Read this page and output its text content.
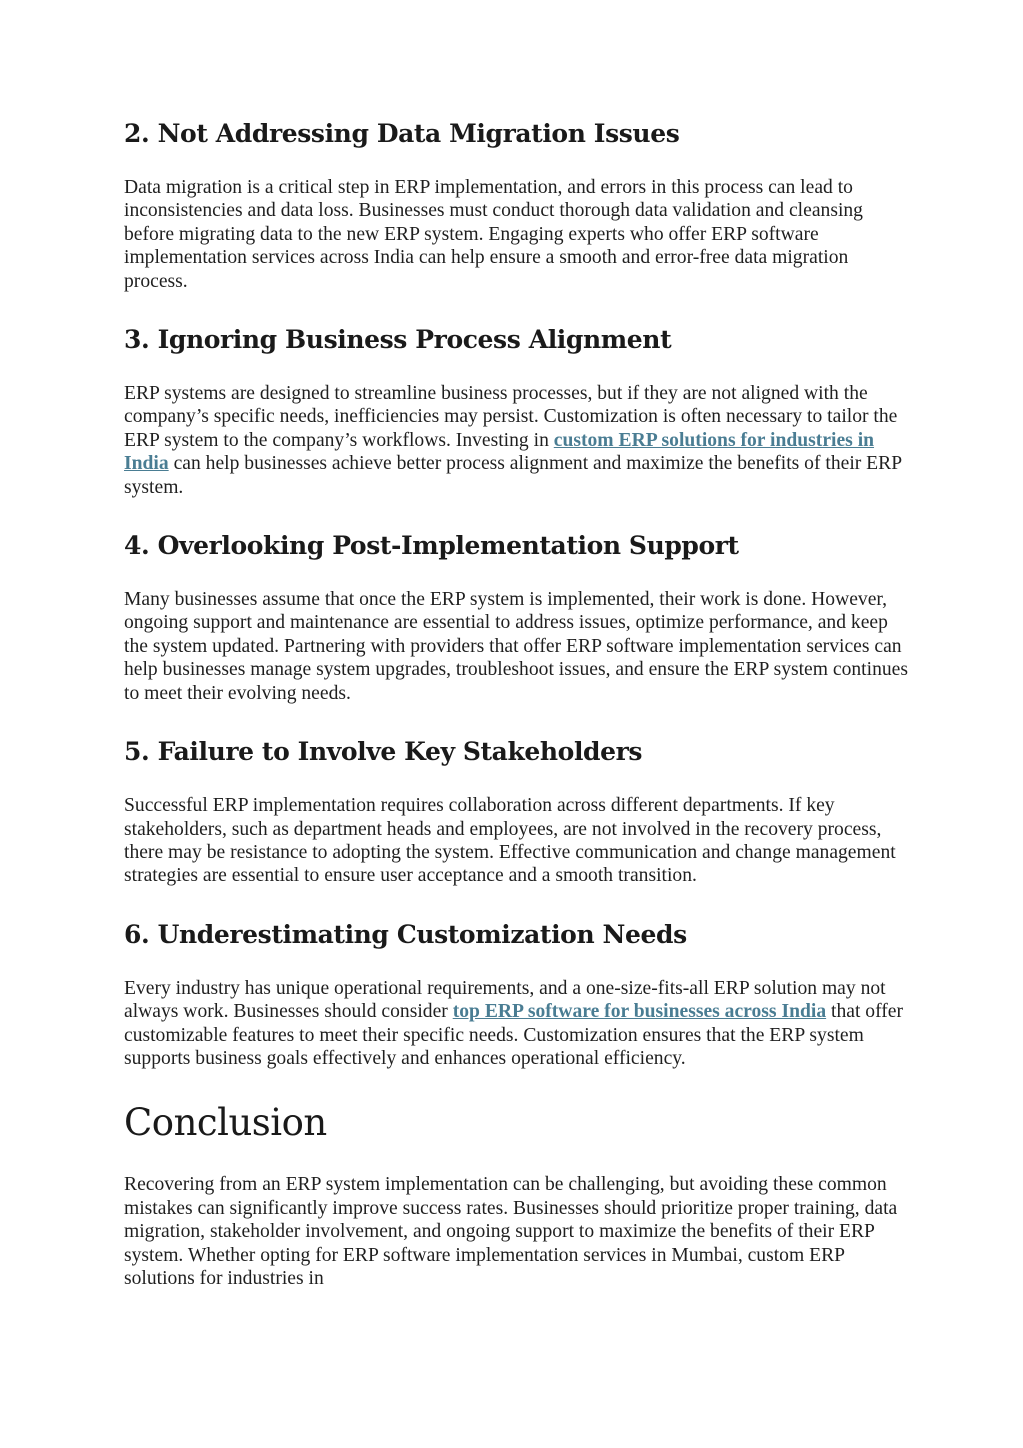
2. Not Addressing Data Migration Issues

Data migration is a critical step in ERP implementation, and errors in this process can lead to inconsistencies and data loss. Businesses must conduct thorough data validation and cleansing before migrating data to the new ERP system. Engaging experts who offer ERP software implementation services across India can help ensure a smooth and error-free data migration process.

3. Ignoring Business Process Alignment

ERP systems are designed to streamline business processes, but if they are not aligned with the company’s specific needs, inefficiencies may persist. Customization is often necessary to tailor the ERP system to the company’s workflows. Investing in custom ERP solutions for industries in India can help businesses achieve better process alignment and maximize the benefits of their ERP system.

4. Overlooking Post-Implementation Support

Many businesses assume that once the ERP system is implemented, their work is done. However, ongoing support and maintenance are essential to address issues, optimize performance, and keep the system updated. Partnering with providers that offer ERP software implementation services can help businesses manage system upgrades, troubleshoot issues, and ensure the ERP system continues to meet their evolving needs.

5. Failure to Involve Key Stakeholders

Successful ERP implementation requires collaboration across different departments. If key stakeholders, such as department heads and employees, are not involved in the recovery process, there may be resistance to adopting the system. Effective communication and change management strategies are essential to ensure user acceptance and a smooth transition.

6. Underestimating Customization Needs

Every industry has unique operational requirements, and a one-size-fits-all ERP solution may not always work. Businesses should consider top ERP software for businesses across India that offer customizable features to meet their specific needs. Customization ensures that the ERP system supports business goals effectively and enhances operational efficiency.

Conclusion

Recovering from an ERP system implementation can be challenging, but avoiding these common mistakes can significantly improve success rates. Businesses should prioritize proper training, data migration, stakeholder involvement, and ongoing support to maximize the benefits of their ERP system. Whether opting for ERP software implementation services in Mumbai, custom ERP solutions for industries in
